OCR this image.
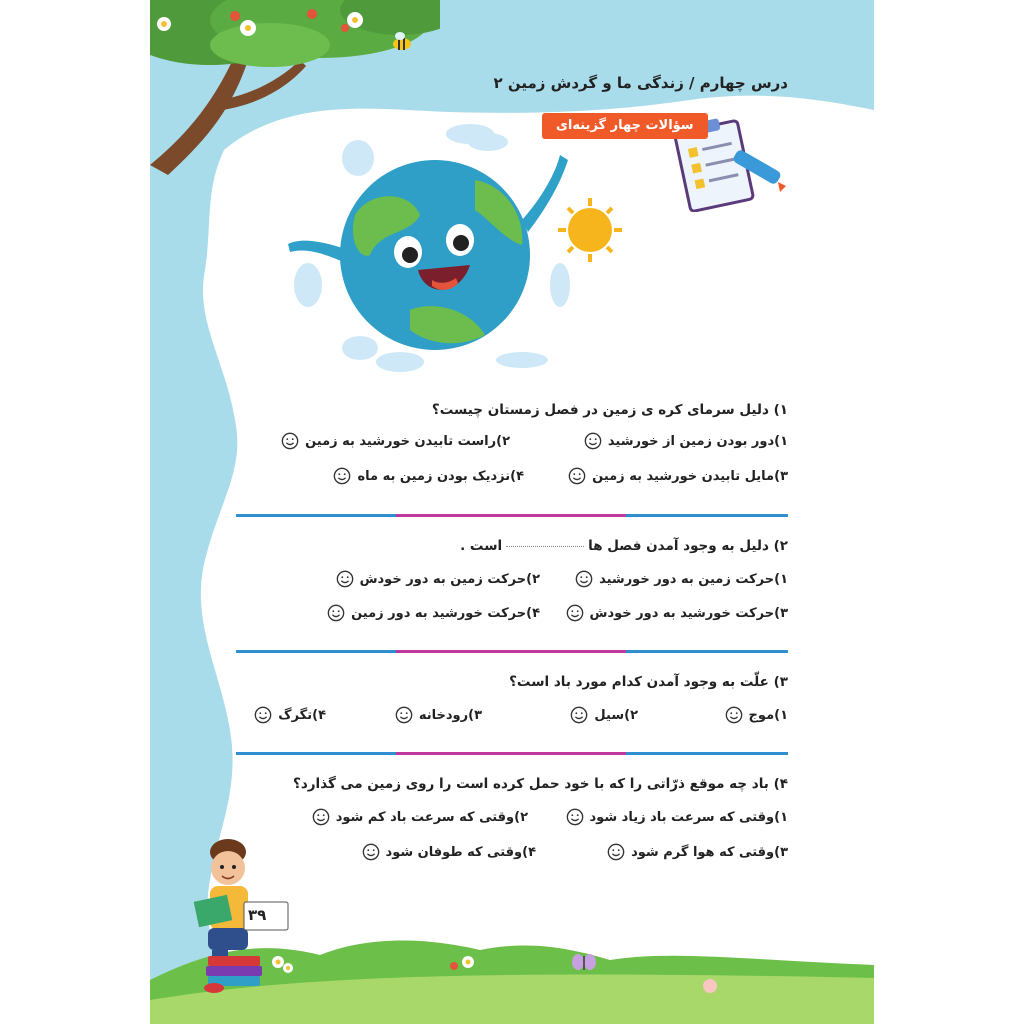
درس چهارم / زندگی ما و گردش زمین ۲
سؤالات چهار گزینه‌ای
۱) دلیل سرمای کره ی زمین در فصل زمستان چیست؟
۱)دور بودن زمین از خورشید
۲)راست تابیدن خورشید به زمین
۳)مایل تابیدن خورشید به زمین
۴)نزدیک بودن زمین به ماه
۲) دلیل به وجود آمدن فصل هااست .
۱)حرکت زمین به دور خورشید
۲)حرکت زمین به دور خودش
۳)حرکت خورشید به دور خودش
۴)حرکت خورشید به دور زمین
۳) علّت به وجود آمدن کدام مورد باد است؟
۱)موج
۲)سیل
۳)رودخانه
۴)تگرگ
۴) باد چه موقع ذرّاتی را که با خود حمل کرده است را روی زمین می گذارد؟
۱)وقتی که سرعت باد زیاد شود
۲)وقتی که سرعت باد کم شود
۳)وقتی که هوا گرم شود
۴)وقتی که طوفان شود
۳۹
